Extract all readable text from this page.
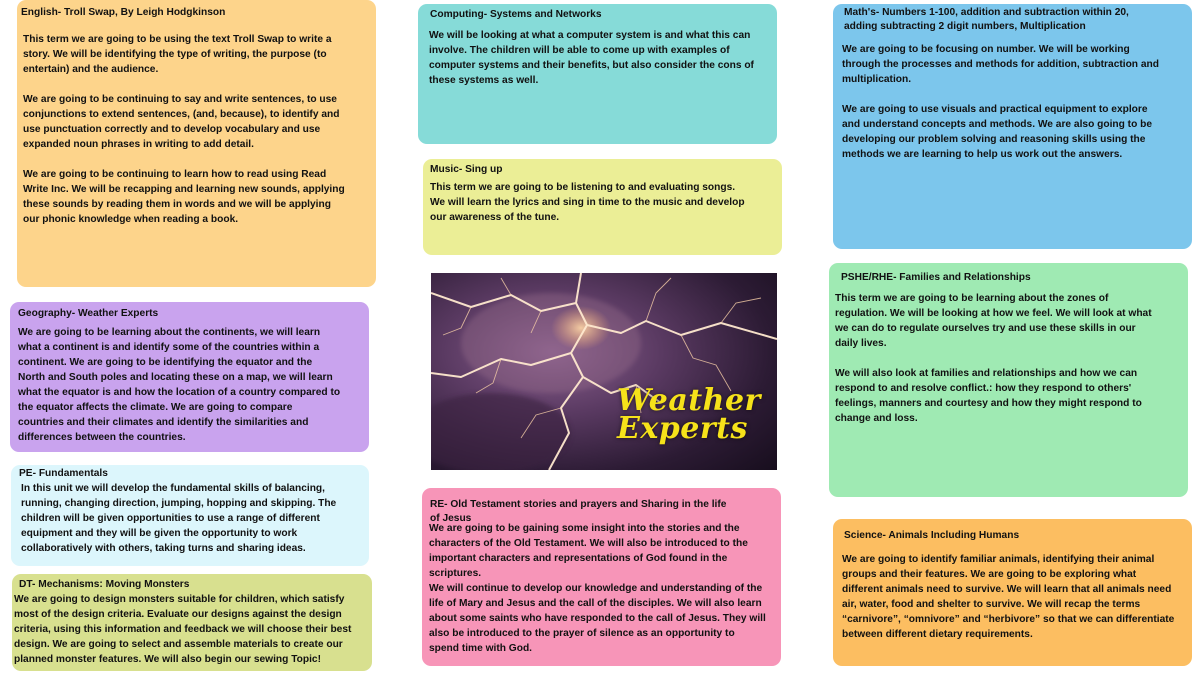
English- Troll Swap, By Leigh Hodgkinson
This term we are going to be using the text Troll Swap to write a
story. We will be identifying the type of writing, the purpose (to
entertain) and the audience.

We are going to be continuing to say and write sentences, to use
conjunctions to extend sentences, (and, because), to identify and
use punctuation correctly and to develop vocabulary and use
expanded noun phrases in writing to add detail.

We are going to be continuing to learn how to read using Read
Write Inc. We will be recapping and learning new sounds, applying
these sounds by reading them in words and we will be applying
our phonic knowledge when reading a book.
Computing- Systems and Networks
We will be looking at what a computer system is and what this can
involve. The children will be able to come up with examples of
computer systems and their benefits, but also consider the cons of
these systems as well.
Math's- Numbers 1-100, addition and subtraction within 20,
adding subtracting 2 digit numbers, Multiplication
We are going to be focusing on number. We will be working
through the processes and methods for addition, subtraction and
multiplication.

We are going to use visuals and practical equipment to explore
and understand concepts and methods. We are also going to be
developing our problem solving and reasoning skills using the
methods we are learning to help us work out the answers.
Music- Sing up
This term we are going to be listening to and evaluating songs.
We will learn the lyrics and sing in time to the music and develop
our awareness of the tune.
Geography- Weather Experts
We are going to be learning about the continents, we will learn
what a continent is and identify some of the countries within a
continent. We are going to be identifying the equator and the
North and South poles and locating these on a map, we will learn
what the equator is and how the location of a country compared to
the equator affects the climate. We are going to compare
countries and their climates and identify the similarities and
differences between the countries.
PSHE/RHE- Families and Relationships
This term we are going to be learning about the zones of
regulation. We will be looking at how we feel. We will look at what
we can do to regulate ourselves try and use these skills in our
daily lives.

We will also look at families and relationships and how we can
respond to and resolve conflict.: how they respond to others'
feelings, manners and courtesy and how they might respond to
change and loss.
Weather
Experts
PE- Fundamentals
In this unit we will develop the fundamental skills of balancing,
running, changing direction, jumping, hopping and skipping. The
children will be given opportunities to use a range of different
equipment and they will be given the opportunity to work
collaboratively with others, taking turns and sharing ideas.
RE- Old Testament stories and prayers and Sharing in the life
of Jesus
We are going to be gaining some insight into the stories and the
characters of the Old Testament. We will also be introduced to the
important characters and representations of God found in the
scriptures.
We will continue to develop our knowledge and understanding of the
life of Mary and Jesus and the call of the disciples. We will also learn
about some saints who have responded to the call of Jesus. They will
also be introduced to the prayer of silence as an opportunity to
spend time with God.
Science- Animals Including Humans
We are going to identify familiar animals, identifying their animal
groups and their features. We are going to be exploring what
different animals need to survive. We will learn that all animals need
air, water, food and shelter to survive. We will recap the terms
“carnivore”, “omnivore” and “herbivore” so that we can differentiate
between different dietary requirements.
DT- Mechanisms: Moving Monsters
We are going to design monsters suitable for children, which satisfy
most of the design criteria. Evaluate our designs against the design
criteria, using this information and feedback we will choose their best
design. We are going to select and assemble materials to create our
planned monster features. We will also begin our sewing Topic!
